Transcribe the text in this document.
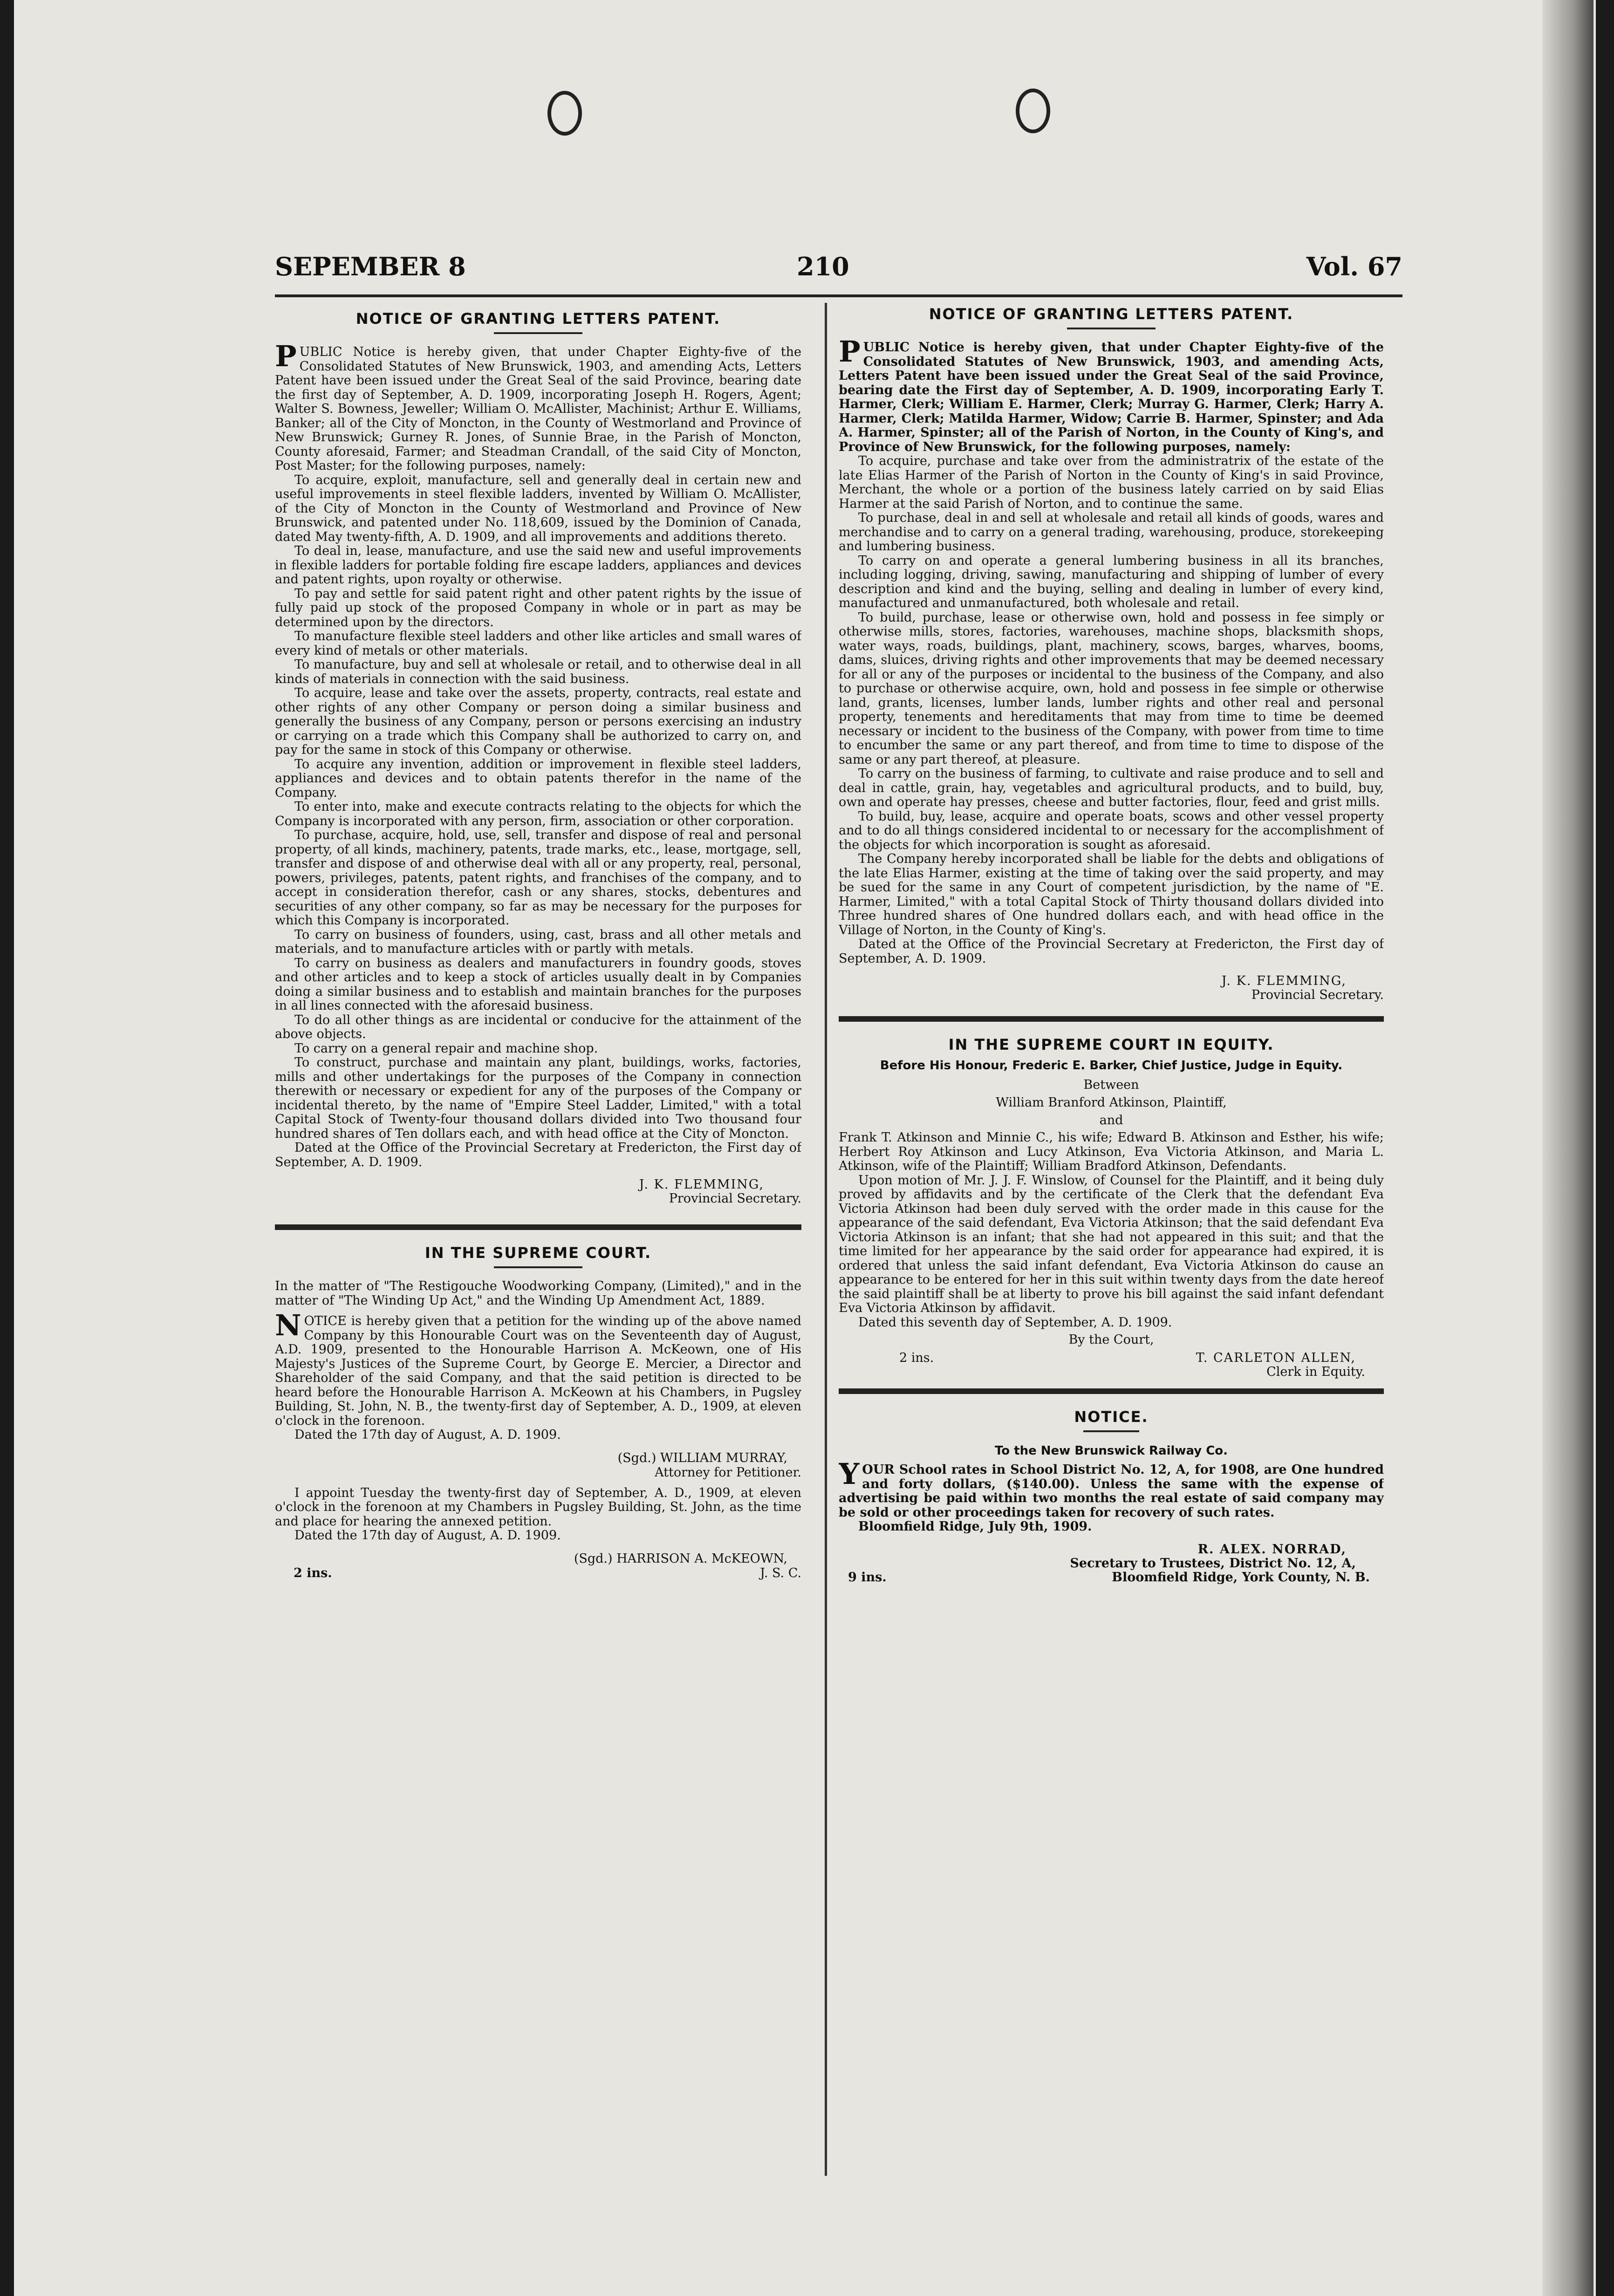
SEPEMBER 8	210	Vol. 67
NOTICE OF GRANTING LETTERS PATENT.

PUBLIC Notice is hereby given, that under Chapter Eighty-five of the Consolidated Statutes of New Brunswick, 1903, and amending Acts, Letters Patent have been issued under the Great Seal of the said Province, bearing date the first day of September, A. D. 1909, incorporating Joseph H. Rogers, Agent; Walter S. Bowness, Jeweller; William O. McAllister, Machinist; Arthur E. Williams, Banker; all of the City of Moncton, in the County of Westmorland and Province of New Brunswick; Gurney R. Jones, of Sunnie Brae, in the Parish of Moncton, County aforesaid, Farmer; and Steadman Crandall, of the said City of Moncton, Post Master; for the following purposes, namely:

To acquire, exploit, manufacture, sell and generally deal in certain new and useful improvements in steel flexible ladders, invented by William O. McAllister, of the City of Moncton in the County of Westmorland and Province of New Brunswick, and patented under No. 118,609, issued by the Dominion of Canada, dated May twenty-fifth, A. D. 1909, and all improvements and additions thereto.

To deal in, lease, manufacture, and use the said new and useful improvements in flexible ladders for portable folding fire escape ladders, appliances and devices and patent rights, upon royalty or otherwise.

To pay and settle for said patent right and other patent rights by the issue of fully paid up stock of the proposed Company in whole or in part as may be determined upon by the directors.

To manufacture flexible steel ladders and other like articles and small wares of every kind of metals or other materials.

To manufacture, buy and sell at wholesale or retail, and to otherwise deal in all kinds of materials in connection with the said business.

To acquire, lease and take over the assets, property, contracts, real estate and other rights of any other Company or person doing a similar business and generally the business of any Company, person or persons exercising an industry or carrying on a trade which this Company shall be authorized to carry on, and pay for the same in stock of this Company or otherwise.

To acquire any invention, addition or improvement in flexible steel ladders, appliances and devices and to obtain patents therefor in the name of the Company.

To enter into, make and execute contracts relating to the objects for which the Company is incorporated with any person, firm, association or other corporation.

To purchase, acquire, hold, use, sell, transfer and dispose of real and personal property, of all kinds, machinery, patents, trade marks, etc., lease, mortgage, sell, transfer and dispose of and otherwise deal with all or any property, real, personal, powers, privileges, patents, patent rights, and franchises of the company, and to accept in consideration therefor, cash or any shares, stocks, debentures and securities of any other company, so far as may be necessary for the purposes for which this Company is incorporated.

To carry on business of founders, using, cast, brass and all other metals and materials, and to manufacture articles with or partly with metals.

To carry on business as dealers and manufacturers in foundry goods, stoves and other articles and to keep a stock of articles usually dealt in by Companies doing a similar business and to establish and maintain branches for the purposes in all lines connected with the aforesaid business.

To do all other things as are incidental or conducive for the attainment of the above objects.

To carry on a general repair and machine shop.

To construct, purchase and maintain any plant, buildings, works, factories, mills and other undertakings for the purposes of the Company in connection therewith or necessary or expedient for any of the purposes of the Company or incidental thereto, by the name of "Empire Steel Ladder, Limited," with a total Capital Stock of Twenty-four thousand dollars divided into Two thousand four hundred shares of Ten dollars each, and with head office at the City of Moncton.

Dated at the Office of the Provincial Secretary at Fredericton, the First day of September, A. D. 1909.

J. K. FLEMMING,
Provincial Secretary.
IN THE SUPREME COURT.

In the matter of "The Restigouche Woodworking Company, (Limited)," and in the matter of "The Winding Up Act," and the Winding Up Amendment Act, 1889.

NOTICE is hereby given that a petition for the winding up of the above named Company by this Honourable Court was on the Seventeenth day of August, A.D. 1909, presented to the Honourable Harrison A. McKeown, one of His Majesty's Justices of the Supreme Court, by George E. Mercier, a Director and Shareholder of the said Company, and that the said petition is directed to be heard before the Honourable Harrison A. McKeown at his Chambers, in Pugsley Building, St. John, N. B., the twenty-first day of September, A. D., 1909, at eleven o'clock in the forenoon.

Dated the 17th day of August, A. D. 1909.

(Sgd.) WILLIAM MURRAY,
Attorney for Petitioner.

I appoint Tuesday the twenty-first day of September, A. D., 1909, at eleven o'clock in the forenoon at my Chambers in Pugsley Building, St. John, as the time and place for hearing the annexed petition.

Dated the 17th day of August, A. D. 1909.

(Sgd.) HARRISON A. McKEOWN,
2 ins.	J. S. C.
NOTICE OF GRANTING LETTERS PATENT.

PUBLIC Notice is hereby given, that under Chapter Eighty-five of the Consolidated Statutes of New Brunswick, 1903, and amending Acts, Letters Patent have been issued under the Great Seal of the said Province, bearing date the First day of September, A. D. 1909, incorporating Early T. Harmer, Clerk; William E. Harmer, Clerk; Murray G. Harmer, Clerk; Harry A. Harmer, Clerk; Matilda Harmer, Widow; Carrie B. Harmer, Spinster; and Ada A. Harmer, Spinster; all of the Parish of Norton, in the County of King's, and Province of New Brunswick, for the following purposes, namely:

To acquire, purchase and take over from the administratrix of the estate of the late Elias Harmer of the Parish of Norton in the County of King's in said Province, Merchant, the whole or a portion of the business lately carried on by said Elias Harmer at the said Parish of Norton, and to continue the same.

To purchase, deal in and sell at wholesale and retail all kinds of goods, wares and merchandise and to carry on a general trading, warehousing, produce, storekeeping and lumbering business.

To carry on and operate a general lumbering business in all its branches, including logging, driving, sawing, manufacturing and shipping of lumber of every description and kind and the buying, selling and dealing in lumber of every kind, manufactured and unmanufactured, both wholesale and retail.

To build, purchase, lease or otherwise own, hold and possess in fee simply or otherwise mills, stores, factories, warehouses, machine shops, blacksmith shops, water ways, roads, buildings, plant, machinery, scows, barges, wharves, booms, dams, sluices, driving rights and other improvements that may be deemed necessary for all or any of the purposes or incidental to the business of the Company, and also to purchase or otherwise acquire, own, hold and possess in fee simple or otherwise land, grants, licenses, lumber lands, lumber rights and other real and personal property, tenements and hereditaments that may from time to time be deemed necessary or incident to the business of the Company, with power from time to time to encumber the same or any part thereof, and from time to time to dispose of the same or any part thereof, at pleasure.

To carry on the business of farming, to cultivate and raise produce and to sell and deal in cattle, grain, hay, vegetables and agricultural products, and to build, buy, own and operate hay presses, cheese and butter factories, flour, feed and grist mills.

To build, buy, lease, acquire and operate boats, scows and other vessel property and to do all things considered incidental to or necessary for the accomplishment of the objects for which incorporation is sought as aforesaid.

The Company hereby incorporated shall be liable for the debts and obligations of the late Elias Harmer, existing at the time of taking over the said property, and may be sued for the same in any Court of competent jurisdiction, by the name of "E. Harmer, Limited," with a total Capital Stock of Thirty thousand dollars divided into Three hundred shares of One hundred dollars each, and with head office in the Village of Norton, in the County of King's.

Dated at the Office of the Provincial Secretary at Fredericton, the First day of September, A. D. 1909.

J. K. FLEMMING,
Provincial Secretary.
IN THE SUPREME COURT IN EQUITY.
Before His Honour, Frederic E. Barker, Chief Justice, Judge in Equity.
Between
William Branford Atkinson, Plaintiff,
and

Frank T. Atkinson and Minnie C., his wife; Edward B. Atkinson and Esther, his wife; Herbert Roy Atkinson and Lucy Atkinson, Eva Victoria Atkinson, and Maria L. Atkinson, wife of the Plaintiff; William Bradford Atkinson, Defendants.

Upon motion of Mr. J. J. F. Winslow, of Counsel for the Plaintiff, and it being duly proved by affidavits and by the certificate of the Clerk that the defendant Eva Victoria Atkinson had been duly served with the order made in this cause for the appearance of the said defendant, Eva Victoria Atkinson; that the said defendant Eva Victoria Atkinson is an infant; that she had not appeared in this suit; and that the time limited for her appearance by the said order for appearance had expired, it is ordered that unless the said infant defendant, Eva Victoria Atkinson do cause an appearance to be entered for her in this suit within twenty days from the date hereof the said plaintiff shall be at liberty to prove his bill against the said infant defendant Eva Victoria Atkinson by affidavit.

Dated this seventh day of September, A. D. 1909.

By the Court,
2 ins.	T. CARLETON ALLEN,
Clerk in Equity.
NOTICE.
To the New Brunswick Railway Co.

YOUR School rates in School District No. 12, A, for 1908, are One hundred and forty dollars, ($140.00). Unless the same with the expense of advertising be paid within two months the real estate of said company may be sold or other proceedings taken for recovery of such rates.

Bloomfield Ridge, July 9th, 1909.

R. ALEX. NORRAD,
Secretary to Trustees, District No. 12, A,
9 ins.	Bloomfield Ridge, York County, N. B.
